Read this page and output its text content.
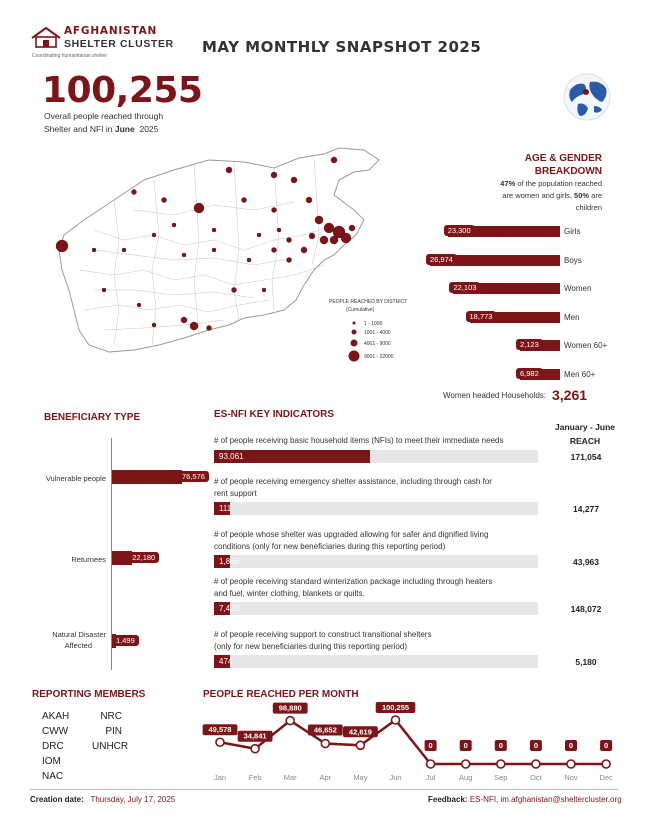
AFGHANISTAN
SHELTER CLUSTER
Coordinating humanitarian shelter	MAY MONTHLY SNAPSHOT 2025
100,255
Overall people reached through
Shelter and NFI in June 2025
PEOPLE REACHED BY DISTRICT
(Cumulative)
1 - 1000
1001 - 4000
4001 - 9000
9001 - 22000
AGE & GENDER
BREAKDOWN
47% of the population reached
are women and girls, 50% are
children
23,300	Girls
26,974	Boys
22,103	Women
18,773	Men
2,123	Women 60+
6,982	Men 60+
Women headed Households: 3,261
BENEFICIARY TYPE
76,576
Vulnerable people
22,180
Returnees
1,499
Natural Disaster
Affected
ES-NFI KEY INDICATORS
January - June
REACH
# of people receiving basic household items (NFIs) to meet their immediate needs
93,061	171,054
# of people receiving emergency shelter assistance, including through cash for
rent support
111	14,277
# of people whose shelter was upgraded allowing for safer and dignified living
conditions (only for new beneficiaries during this reporting period)
1,866	43,963
# of people receiving standard winterization package including through heaters
and fuel, winter clothing, blankets or quilts.
7,420	148,072
# of people receiving support to construct transitional shelters
(only for new beneficiaries during this reporting period)
474	5,180
REPORTING MEMBERS
AKAH
CWW
DRC
IOM
NAC
NRC
PIN
UNHCR
PEOPLE REACHED PER MONTH
49,578
Jan
34,841
Feb
98,880
Mar
46,652
Apr
42,619
May
100,255
Jun
0
Jul
0
Aug
0
Sep
0
Oct
0
Nov
0
Dec
Creation date: Thursday, July 17, 2025	Feedback: ES-NFI, im.afghanistan@sheltercluster.org
